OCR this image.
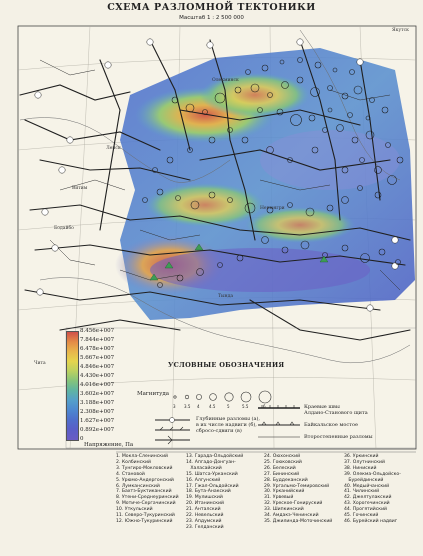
СХЕМА РАЗЛОМНОЙ ТЕКТОНИКИ
Масштаб 1 : 2 500 000
Якутск
Ленск
Витим
Тында
Нерюнгри
Олекминск
Чита
Бодайбо
8.456e+007
7.844e+007
6.478e+007
5.667e+007
4.846e+007
4.430e+007
4.016e+007
3.602e+007
3.188e+007
2.308e+007
1.627e+007
0.892e+007
0
Напряжение, Па
УСЛОВНЫЕ ОБОЗНАЧЕНИЯ
Магнитуда
3 3.5 4 4.5	5	5.5	6
Глубинные разломы (а),
в их числе надвиги (б),
сбросо-сдвиги (в)
Краевые швы
Алдано-Станового щита
Байкальское мостое
Второстепенные разломы
1. Мокла-Сленинский
2. Колбинский
3. Тунгиро-Мокловский
4. Становой
5. Урюмо-Андергонский
6. Лумкансинский
7. Бахтэ-Буктиканский
8. Утени-Среднеуринский
9. Мотиче-Сергачинский
10. Уткульский
11. Северо-Тукуринский
12. Южно-Тукуринский
13. Гарада-Ольдойский
14. Апгадо-Донгуан-
Халасайский
15. Шатса-Урканский
16. Алгунский
17. Гжал-Ольдойский
18. Бута-Анакский
19. Мулишский
20. Итанинский
21. Анталский
22. Невельский
23. Апдумский
23. Гелданский
24. Оюхонский
25. Гоюковский
26. Белеский
27. Бининский
28. Буддеканский
29. Ургальмо-Темировский
30. Урканийский
31. Урвевый
32. Уреское-Гонируский
33. Шипкинский
34. Амдакэ-Ченинский
35. Джилинда-Моточинский
36. Уркинский
37. Олутнинский
38. Ниниский
39. Олекма-Ольдойско-
Бурейдинский
40. Медыйчанский
41. Чилинский
42. Джелтулакский
43. Хорогечинский
44. Прогятийский
45. Гочинский
46. Бурейский надвиг
